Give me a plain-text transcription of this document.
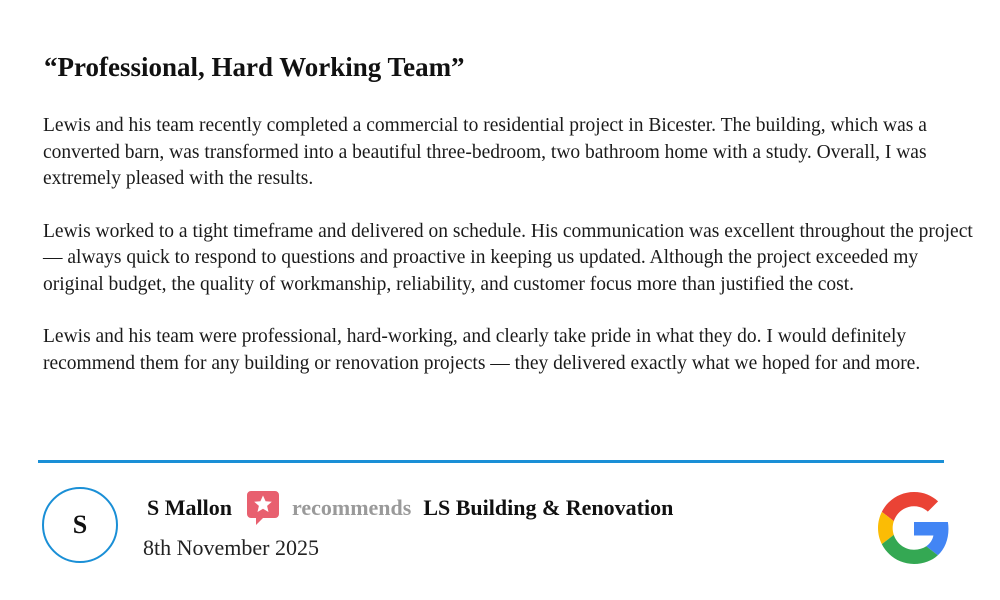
“Professional, Hard Working Team”

Lewis and his team recently completed a commercial to residential project in Bicester. The building, which was a converted barn, was transformed into a beautiful three-bedroom, two bathroom home with a study. Overall, I was extremely pleased with the results.

Lewis worked to a tight timeframe and delivered on schedule. His communication was excellent throughout the project — always quick to respond to questions and proactive in keeping us updated. Although the project exceeded my original budget, the quality of workmanship, reliability, and customer focus more than justified the cost.

Lewis and his team were professional, hard-working, and clearly take pride in what they do. I would definitely recommend them for any building or renovation projects — they delivered exactly what we hoped for and more.

S
S Mallon	recommends LS Building & Renovation
8th November 2025
